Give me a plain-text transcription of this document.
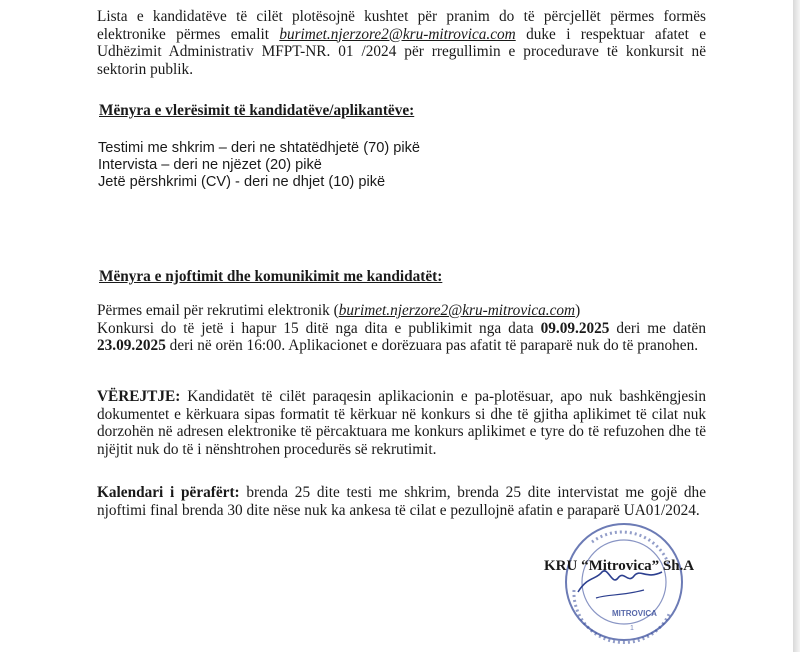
Lista e kandidatëve të cilët plotësojnë kushtet për pranim do të përcjellët përmes formës elektronike përmes emalit burimet.njerzore2@kru-mitrovica.com duke i respektuar afatet e Udhëzimit Administrativ MFPT-NR. 01 /2024 për rregullimin e procedurave të konkursit në sektorin publik.
Mënyra e vlerësimit të kandidatëve/aplikantëve:
Testimi me shkrim – deri ne shtatëdhjetë (70) pikë
Intervista – deri ne njëzet (20) pikë
Jetë përshkrimi (CV) - deri ne dhjet (10) pikë
Mënyra e njoftimit dhe komunikimit me kandidatët:
Përmes email për rekrutimi elektronik (burimet.njerzore2@kru-mitrovica.com)
Konkursi do të jetë i hapur 15 ditë nga dita e publikimit nga data 09.09.2025 deri me datën 23.09.2025 deri në orën 16:00. Aplikacionet e dorëzuara pas afatit të paraparë nuk do të pranohen.
VËREJTJE: Kandidatët të cilët paraqesin aplikacionin e pa-plotësuar, apo nuk bashkëngjesin dokumentet e kërkuara sipas formatit të kërkuar në konkurs si dhe të gjitha aplikimet të cilat nuk dorzohën në adresen elektronike të përcaktuara me konkurs aplikimet e tyre do të refuzohen dhe të njëjtit nuk do të i nënshtrohen procedurës së rekrutimit.
Kalendari i përafërt: brenda 25 dite testi me shkrim, brenda 25 dite intervistat me gojë dhe njoftimi final brenda 30 dite nëse nuk ka ankesa të cilat e pezullojnë afatin e paraparë UA01/2024.
MITROVICA
1
KRU “Mitrovica” Sh.A
